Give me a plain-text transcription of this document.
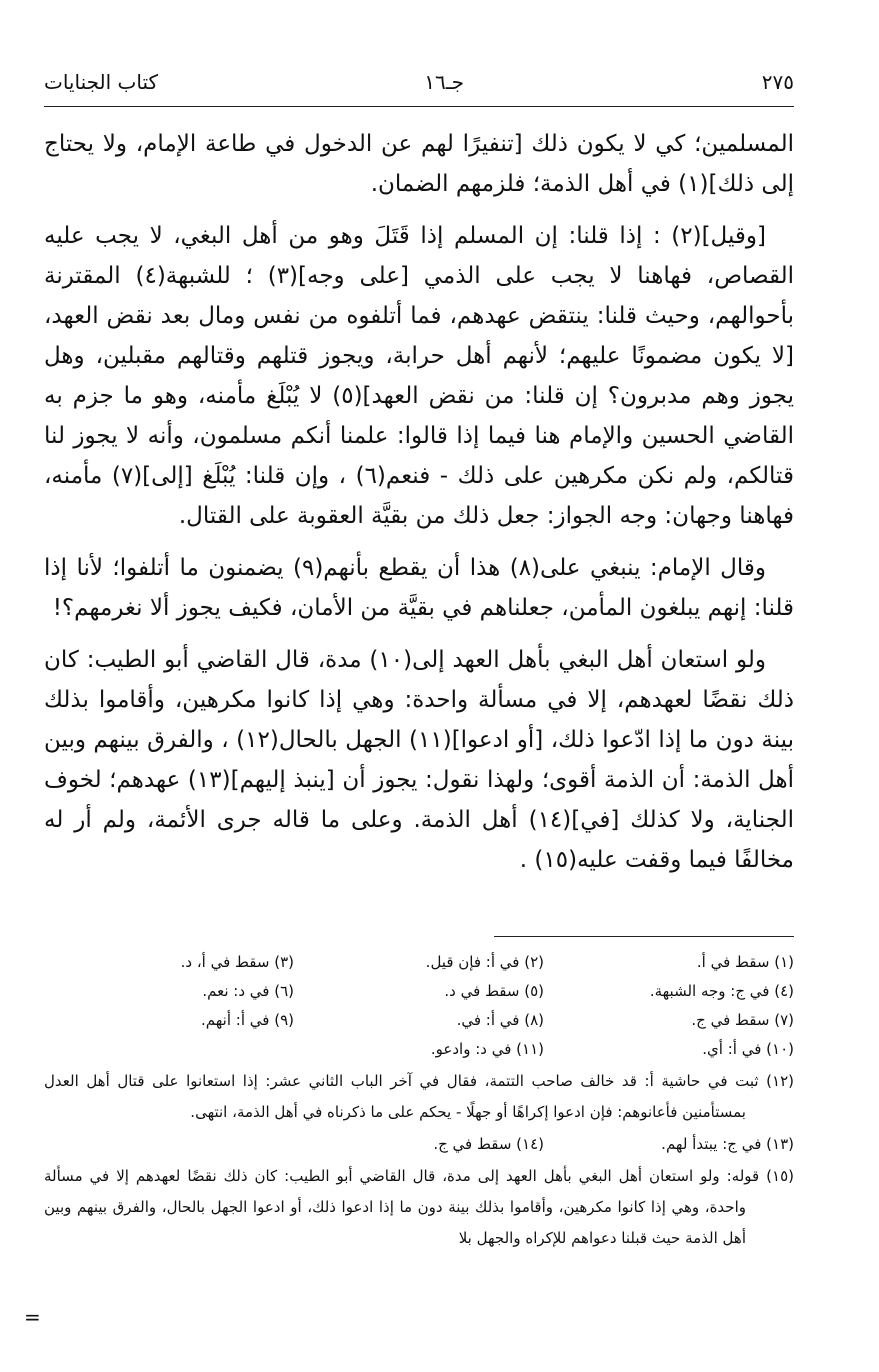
٢٧٥
جـ١٦
كتاب الجنايات

المسلمين؛ كي لا يكون ذلك [تنفيرًا لهم عن الدخول في طاعة الإمام، ولا يحتاج إلى ذلك](١) في أهل الذمة؛ فلزمهم الضمان.

[وقيل](٢) : إذا قلنا: إن المسلم إذا قَتَلَ وهو من أهل البغي، لا يجب عليه القصاص، فهاهنا لا يجب على الذمي [على وجه](٣) ؛ للشبهة(٤) المقترنة بأحوالهم، وحيث قلنا: ينتقض عهدهم، فما أتلفوه من نفس ومال بعد نقض العهد، [لا يكون مضمونًا عليهم؛ لأنهم أهل حرابة، ويجوز قتلهم وقتالهم مقبلين، وهل يجوز وهم مدبرون؟ إن قلنا: من نقض العهد](٥) لا يُبْلَغ مأمنه، وهو ما جزم به القاضي الحسين والإمام هنا فيما إذا قالوا: علمنا أنكم مسلمون، وأنه لا يجوز لنا قتالكم، ولم نكن مكرهين على ذلك - فنعم(٦) ، وإن قلنا: يُبْلَغ [إلى](٧) مأمنه، فهاهنا وجهان: وجه الجواز: جعل ذلك من بقيَّة العقوبة على القتال.

وقال الإمام: ينبغي على(٨) هذا أن يقطع بأنهم(٩) يضمنون ما أتلفوا؛ لأنا إذا قلنا: إنهم يبلغون المأمن، جعلناهم في بقيَّة من الأمان، فكيف يجوز ألا نغرمهم؟!

ولو استعان أهل البغي بأهل العهد إلى(١٠) مدة، قال القاضي أبو الطيب: كان ذلك نقضًا لعهدهم، إلا في مسألة واحدة: وهي إذا كانوا مكرهين، وأقاموا بذلك بينة دون ما إذا ادّعوا ذلك، [أو ادعوا](١١) الجهل بالحال(١٢) ، والفرق بينهم وبين أهل الذمة: أن الذمة أقوى؛ ولهذا نقول: يجوز أن [ينبذ إليهم](١٣) عهدهم؛ لخوف الجناية، ولا كذلك [في](١٤) أهل الذمة. وعلى ما قاله جرى الأئمة، ولم أر له مخالفًا فيما وقفت عليه(١٥) .

(١) سقط في أ.
(٢) في أ: فإن قيل.
(٣) سقط في أ، د.
(٤) في ج: وجه الشبهة.
(٥) سقط في د.
(٦) في د: نعم.
(٧) سقط في ج.
(٨) في أ: في.
(٩) في أ: أنهم.
(١٠) في أ: أي.
(١١) في د: وادعو.
(١٢) ثبت في حاشية أ: قد خالف صاحب التتمة، فقال في آخر الباب الثاني عشر: إذا استعانوا على قتال أهل العدل بمستأمنين فأعانوهم: فإن ادعوا إكراهًا أو جهلًا - يحكم على ما ذكرناه في أهل الذمة، انتهى.
(١٣) في ج: يبتدأ لهم.
(١٤) سقط في ج.
(١٥) قوله: ولو استعان أهل البغي بأهل العهد إلى مدة، قال القاضي أبو الطيب: كان ذلك نقضًا لعهدهم إلا في مسألة واحدة، وهي إذا كانوا مكرهين، وأقاموا بذلك بينة دون ما إذا ادعوا ذلك، أو ادعوا الجهل بالحال، والفرق بينهم وبين أهل الذمة حيث قبلنا دعواهم للإكراه والجهل بلا
=
